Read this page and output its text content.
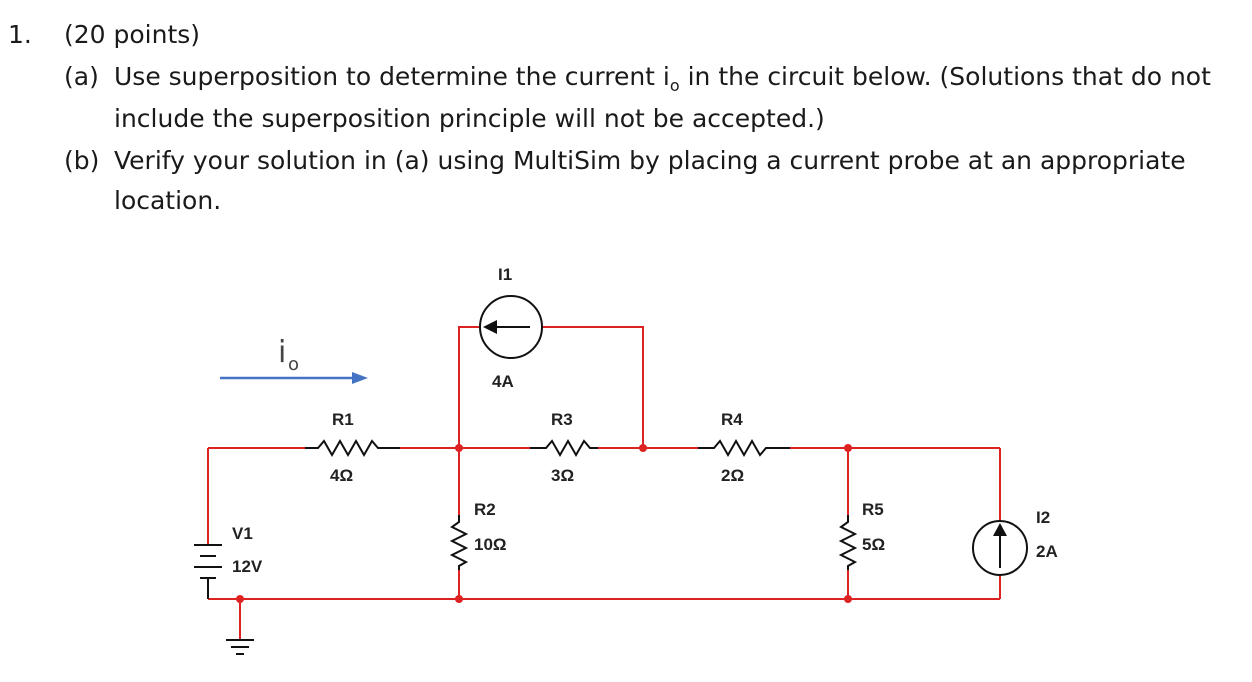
1. (20 points)
(a) Use superposition to determine the current $i_o$ in the circuit below. (Solutions that do not
include the superposition principle will not be accepted.)
(b) Verify your solution in (a) using MultiSim by placing a current probe at an appropriate
location.
R1
4Ω
R3
3Ω
R4
2Ω
R2
10Ω
R5
5Ω
I1
4A
I2
2A
V1
12V
i o
